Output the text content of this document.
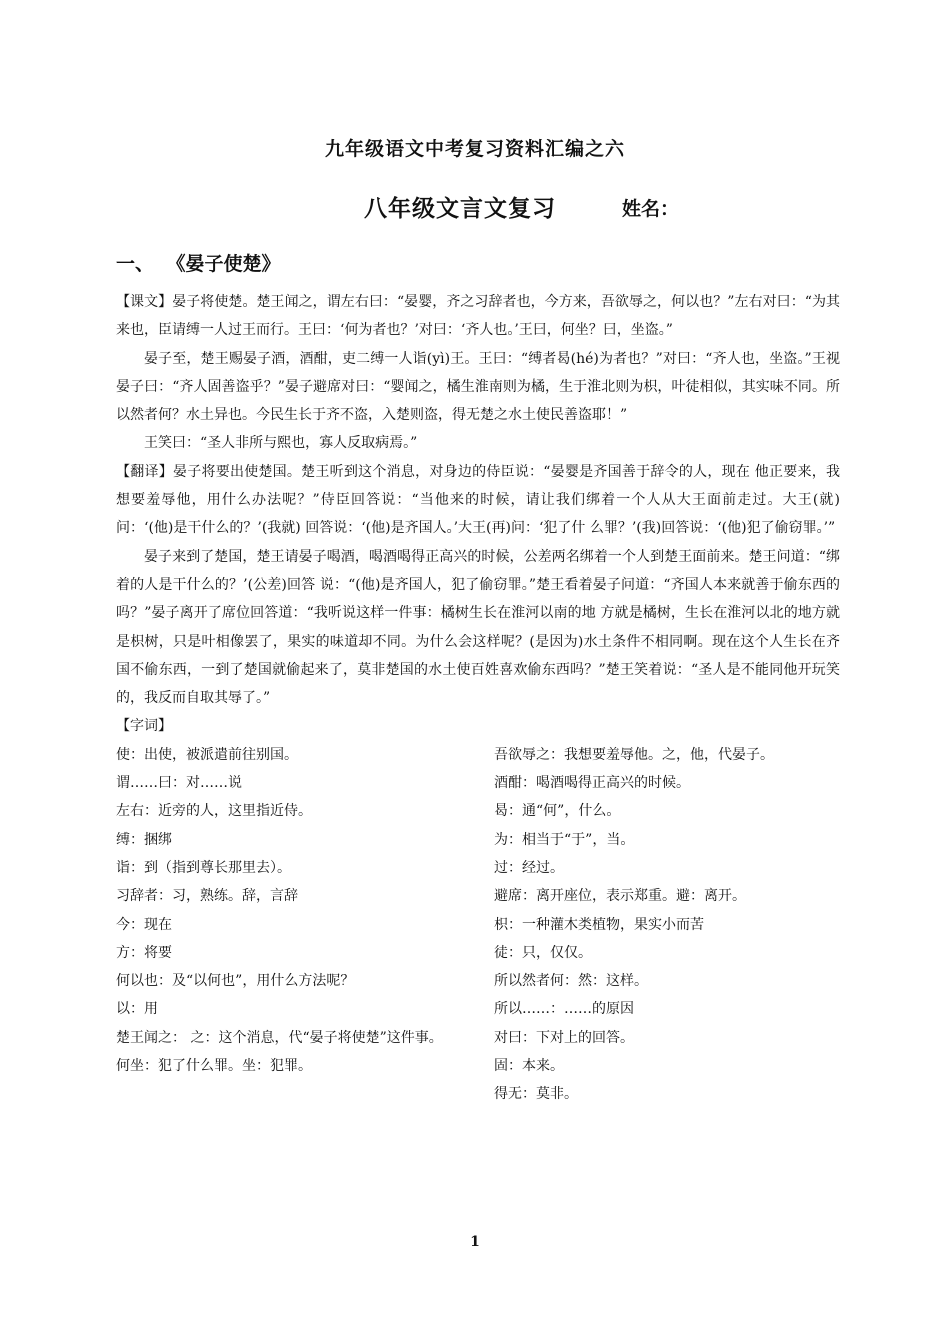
九年级语文中考复习资料汇编之六
八年级文言文复习	姓名：
一、 《晏子使楚》

【课文】晏子将使楚。楚王闻之，谓左右曰：“晏婴，齐之习辞者也，今方来，吾欲辱之，何以也？”左右对曰：“为其来也，臣请缚一人过王而行。王曰：‘何为者也？’对曰：‘齐人也。’王曰，何坐？曰，坐盗。”

晏子至，楚王赐晏子酒，酒酣，吏二缚一人诣(yì)王。王曰：“缚者曷(hé)为者也？”对曰：“齐人也，坐盗。”王视晏子曰：“齐人固善盗乎？”晏子避席对曰：“婴闻之，橘生淮南则为橘，生于淮北则为枳，叶徒相似，其实味不同。所以然者何？水土异也。今民生长于齐不盗，入楚则盗，得无楚之水土使民善盗耶！”

王笑曰：“圣人非所与熙也，寡人反取病焉。”

【翻译】晏子将要出使楚国。楚王听到这个消息，对身边的侍臣说：“晏婴是齐国善于辞令的人，现在 他正要来，我想要羞辱他，用什么办法呢？”侍臣回答说：“当他来的时候，请让我们绑着一个人从大王面前走过。大王(就)问：‘(他)是干什么的？’(我就) 回答说：‘(他)是齐国人。’大王(再)问：‘犯了什 么罪？’(我)回答说：‘(他)犯了偷窃罪。’”

晏子来到了楚国，楚王请晏子喝酒，喝酒喝得正高兴的时候，公差两名绑着一个人到楚王面前来。楚王问道：“绑着的人是干什么的？’(公差)回答 说：“(他)是齐国人，犯了偷窃罪。”楚王看着晏子问道：“齐国人本来就善于偷东西的吗？”晏子离开了席位回答道：“我听说这样一件事：橘树生长在淮河以南的地 方就是橘树，生长在淮河以北的地方就是枳树，只是叶相像罢了，果实的味道却不同。为什么会这样呢？(是因为)水土条件不相同啊。现在这个人生长在齐国不偷东西，一到了楚国就偷起来了，莫非楚国的水土使百姓喜欢偷东西吗？”楚王笑着说：“圣人是不能同他开玩笑的，我反而自取其辱了。”

【字词】

使：出使，被派遣前往别国。

谓……曰：对……说

左右：近旁的人，这里指近侍。

缚：捆绑

诣：到（指到尊长那里去）。

习辞者：习，熟练。辞，言辞

今：现在

方：将要

何以也：及“以何也”，用什么方法呢？

以：用

楚王闻之： 之：这个消息，代“晏子将使楚”这件事。

何坐：犯了什么罪。坐：犯罪。

吾欲辱之：我想要羞辱他。之，他，代晏子。

酒酣：喝酒喝得正高兴的时候。

曷：通“何”，什么。

为：相当于“于”，当。

过：经过。

避席：离开座位，表示郑重。避：离开。

枳：一种灌木类植物，果实小而苦

徒：只，仅仅。

所以然者何：然：这样。

所以……：……的原因

对曰：下对上的回答。

固：本来。

得无：莫非。

1
